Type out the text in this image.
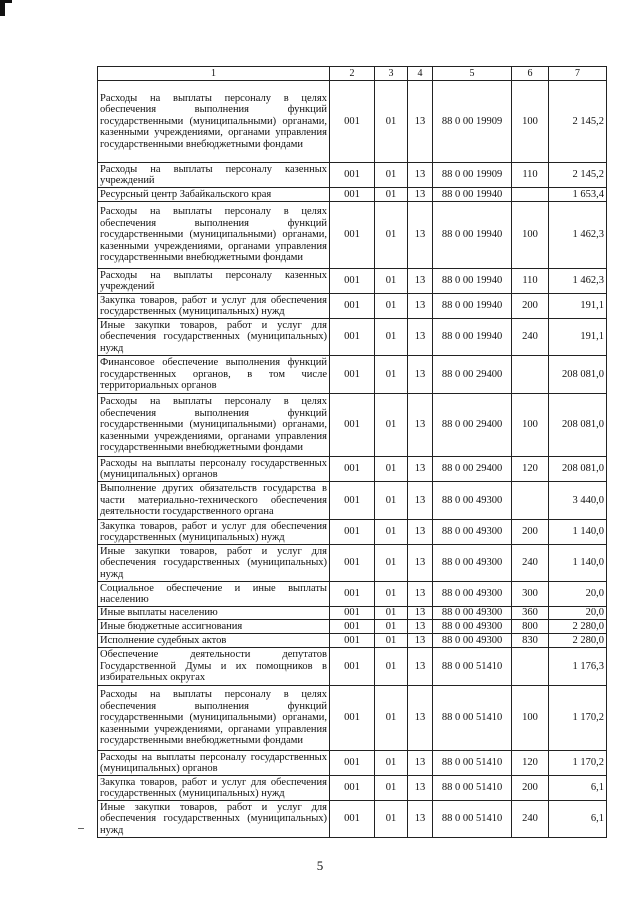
1	2	3	4	5	6	7
Расходы на выплаты персоналу в целях обеспечения выполнения функций государственными (муниципальными) органами, казенными учреждениями, органами управления государственными внебюджетными фондами	001	01	13	88 0 00 19909	100	2 145,2
Расходы на выплаты персоналу казенных учреждений	001	01	13	88 0 00 19909	110	2 145,2
Ресурсный центр Забайкальского края	001	01	13	88 0 00 19940		1 653,4
Расходы на выплаты персоналу в целях обеспечения выполнения функций государственными (муниципальными) органами, казенными учреждениями, органами управления государственными внебюджетными фондами	001	01	13	88 0 00 19940	100	1 462,3
Расходы на выплаты персоналу казенных учреждений	001	01	13	88 0 00 19940	110	1 462,3
Закупка товаров, работ и услуг для обеспечения государственных (муниципальных) нужд	001	01	13	88 0 00 19940	200	191,1
Иные закупки товаров, работ и услуг для обеспечения государственных (муниципальных) нужд	001	01	13	88 0 00 19940	240	191,1
Финансовое обеспечение выполнения функций государственных органов, в том числе территориальных органов	001	01	13	88 0 00 29400		208 081,0
Расходы на выплаты персоналу в целях обеспечения выполнения функций государственными (муниципальными) органами, казенными учреждениями, органами управления государственными внебюджетными фондами	001	01	13	88 0 00 29400	100	208 081,0
Расходы на выплаты персоналу государственных (муниципальных) органов	001	01	13	88 0 00 29400	120	208 081,0
Выполнение других обязательств государства в части материально-технического обеспечения деятельности государственного органа	001	01	13	88 0 00 49300		3 440,0
Закупка товаров, работ и услуг для обеспечения государственных (муниципальных) нужд	001	01	13	88 0 00 49300	200	1 140,0
Иные закупки товаров, работ и услуг для обеспечения государственных (муниципальных) нужд	001	01	13	88 0 00 49300	240	1 140,0
Социальное обеспечение и иные выплаты населению	001	01	13	88 0 00 49300	300	20,0
Иные выплаты населению	001	01	13	88 0 00 49300	360	20,0
Иные бюджетные ассигнования	001	01	13	88 0 00 49300	800	2 280,0
Исполнение судебных актов	001	01	13	88 0 00 49300	830	2 280,0
Обеспечение деятельности депутатов Государственной Думы и их помощников в избирательных округах	001	01	13	88 0 00 51410		1 176,3
Расходы на выплаты персоналу в целях обеспечения выполнения функций государственными (муниципальными) органами, казенными учреждениями, органами управления государственными внебюджетными фондами	001	01	13	88 0 00 51410	100	1 170,2
Расходы на выплаты персоналу государственных (муниципальных) органов	001	01	13	88 0 00 51410	120	1 170,2
Закупка товаров, работ и услуг для обеспечения государственных (муниципальных) нужд	001	01	13	88 0 00 51410	200	6,1
Иные закупки товаров, работ и услуг для обеспечения государственных (муниципальных) нужд	001	01	13	88 0 00 51410	240	6,1
5
